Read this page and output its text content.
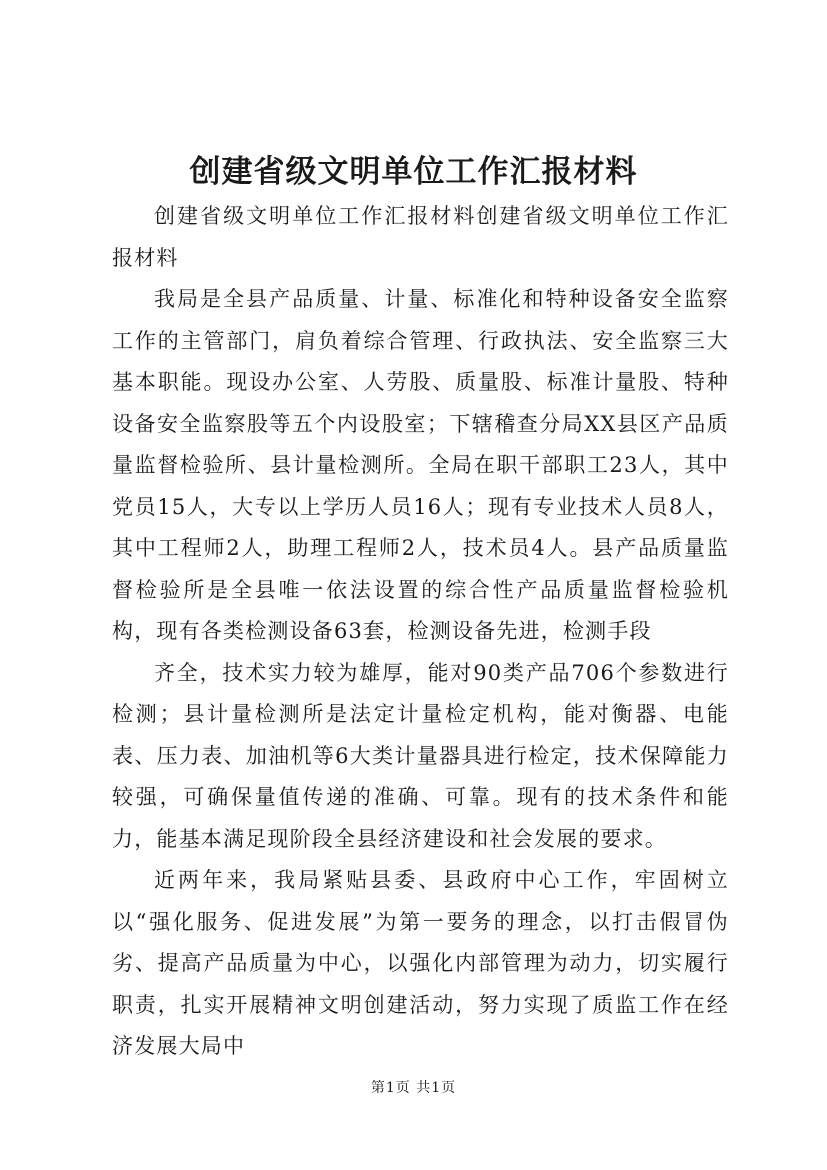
创建省级文明单位工作汇报材料

创建省级文明单位工作汇报材料创建省级文明单位工作汇报材料

我局是全县产品质量、计量、标准化和特种设备安全监察工作的主管部门，肩负着综合管理、行政执法、安全监察三大基本职能。现设办公室、人劳股、质量股、标准计量股、特种设备安全监察股等五个内设股室；下辖稽查分局XX县区产品质量监督检验所、县计量检测所。全局在职干部职工23人，其中党员15人，大专以上学历人员16人；现有专业技术人员8人，其中工程师2人，助理工程师2人，技术员4人。县产品质量监督检验所是全县唯一依法设置的综合性产品质量监督检验机构，现有各类检测设备63套，检测设备先进，检测手段

齐全，技术实力较为雄厚，能对90类产品706个参数进行检测；县计量检测所是法定计量检定机构，能对衡器、电能表、压力表、加油机等6大类计量器具进行检定，技术保障能力较强，可确保量值传递的准确、可靠。现有的技术条件和能力，能基本满足现阶段全县经济建设和社会发展的要求。

近两年来，我局紧贴县委、县政府中心工作，牢固树立以“强化服务、促进发展”为第一要务的理念，以打击假冒伪劣、提高产品质量为中心，以强化内部管理为动力，切实履行职责，扎实开展精神文明创建活动，努力实现了质监工作在经济发展大局中

第1页 共1页
